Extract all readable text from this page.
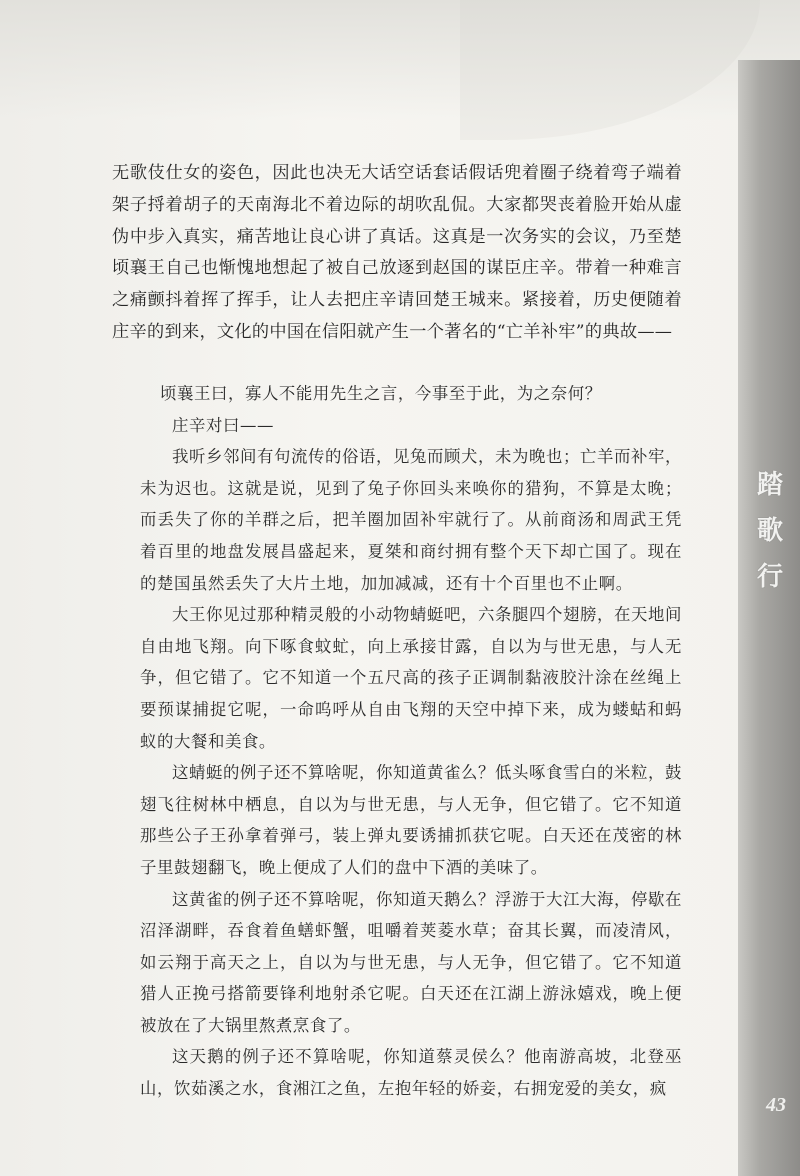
踏
歌
行
43

无歌伎仕女的姿色，因此也决无大话空话套话假话兜着圈子绕着弯子端着架子捋着胡子的天南海北不着边际的胡吹乱侃。大家都哭丧着脸开始从虚伪中步入真实，痛苦地让良心讲了真话。这真是一次务实的会议，乃至楚顷襄王自己也惭愧地想起了被自己放逐到赵国的谋臣庄辛。带着一种难言之痛颤抖着挥了挥手，让人去把庄辛请回楚王城来。紧接着，历史便随着庄辛的到来，文化的中国在信阳就产生一个著名的“亡羊补牢”的典故——

顷襄王曰，寡人不能用先生之言，今事至于此，为之奈何？

庄辛对曰——

我听乡邻间有句流传的俗语，见兔而顾犬，未为晚也；亡羊而补牢，未为迟也。这就是说，见到了兔子你回头来唤你的猎狗，不算是太晚；而丢失了你的羊群之后，把羊圈加固补牢就行了。从前商汤和周武王凭着百里的地盘发展昌盛起来，夏桀和商纣拥有整个天下却亡国了。现在的楚国虽然丢失了大片土地，加加减减，还有十个百里也不止啊。

大王你见过那种精灵般的小动物蜻蜓吧，六条腿四个翅膀，在天地间自由地飞翔。向下啄食蚊虻，向上承接甘露，自以为与世无患，与人无争，但它错了。它不知道一个五尺高的孩子正调制黏液胶汁涂在丝绳上要预谋捕捉它呢，一命呜呼从自由飞翔的天空中掉下来，成为蝼蛄和蚂蚁的大餐和美食。

这蜻蜓的例子还不算啥呢，你知道黄雀么？低头啄食雪白的米粒，鼓翅飞往树林中栖息，自以为与世无患，与人无争，但它错了。它不知道那些公子王孙拿着弹弓，装上弹丸要诱捕抓获它呢。白天还在茂密的林子里鼓翅翻飞，晚上便成了人们的盘中下酒的美味了。

这黄雀的例子还不算啥呢，你知道天鹅么？浮游于大江大海，停歇在沼泽湖畔，吞食着鱼蟮虾蟹，咀嚼着荚菱水草；奋其长翼，而凌清风，如云翔于高天之上，自以为与世无患，与人无争，但它错了。它不知道猎人正挽弓搭箭要锋利地射杀它呢。白天还在江湖上游泳嬉戏，晚上便被放在了大锅里熬煮烹食了。

这天鹅的例子还不算啥呢，你知道蔡灵侯么？他南游高坡，北登巫山，饮茹溪之水，食湘江之鱼，左抱年轻的娇妾，右拥宠爱的美女，疯
